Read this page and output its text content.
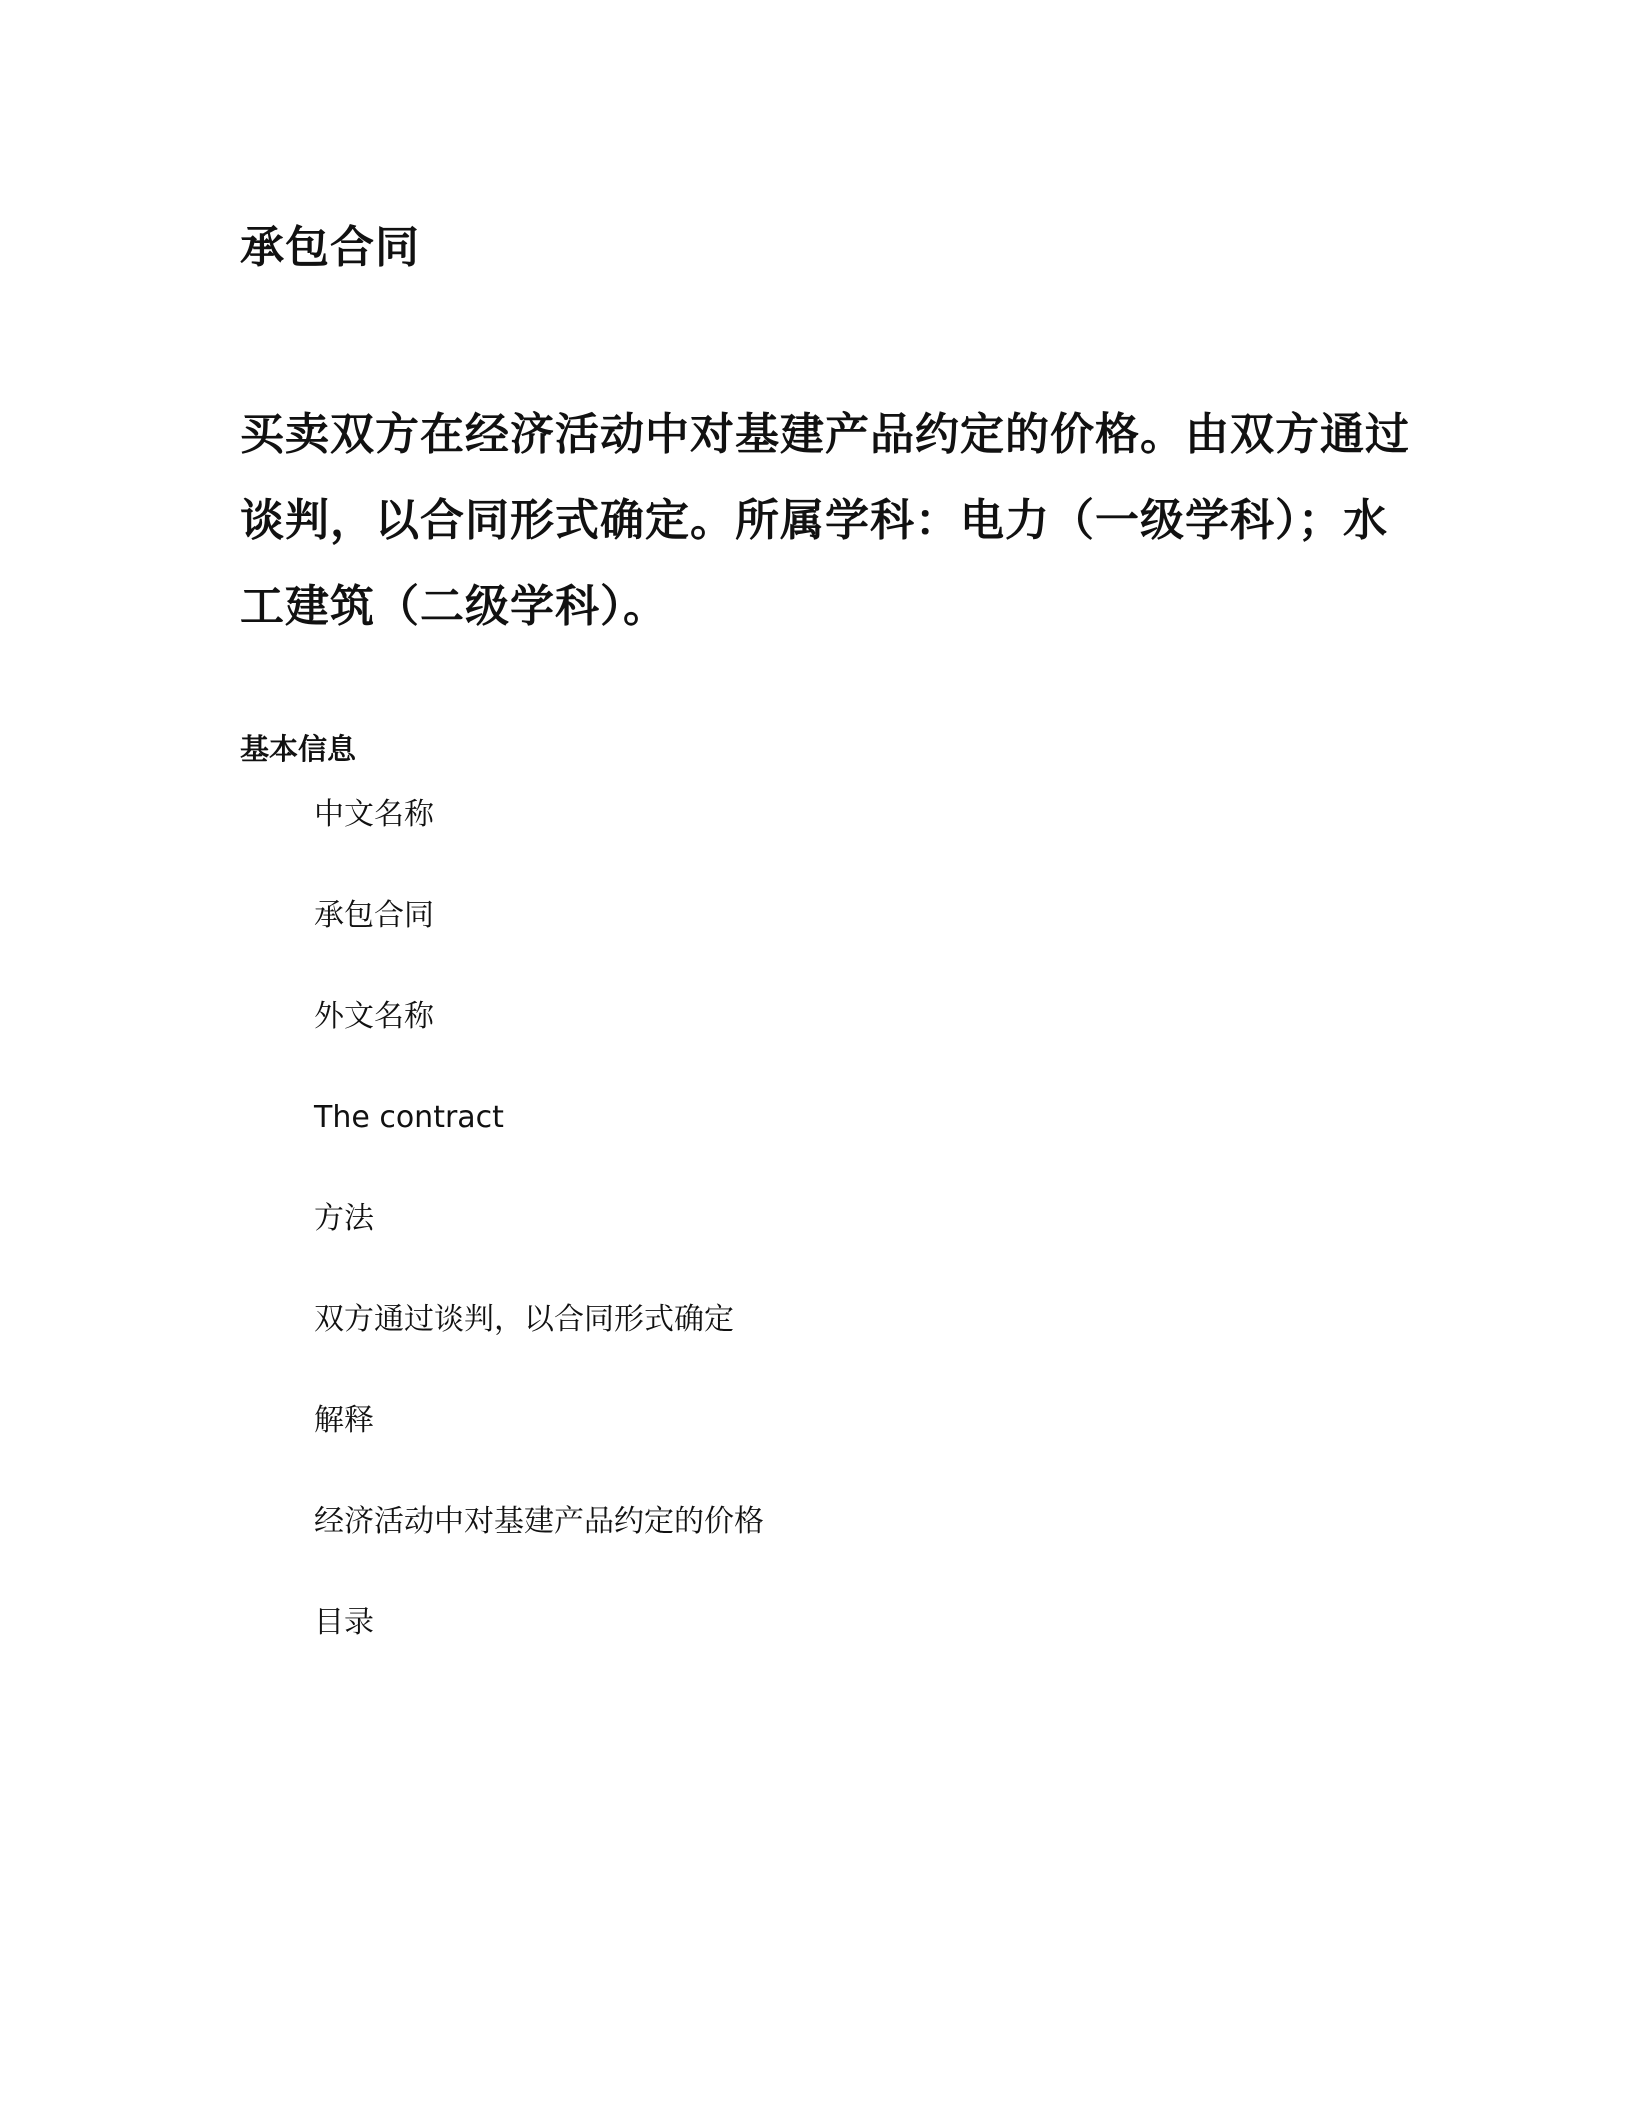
承包合同

买卖双方在经济活动中对基建产品约定的价格。由双方通过谈判，以合同形式确定。所属学科：电力（一级学科）；水工建筑（二级学科）。

基本信息
中文名称
承包合同
外文名称
The contract
方法
双方通过谈判，以合同形式确定
解释
经济活动中对基建产品约定的价格
目录
